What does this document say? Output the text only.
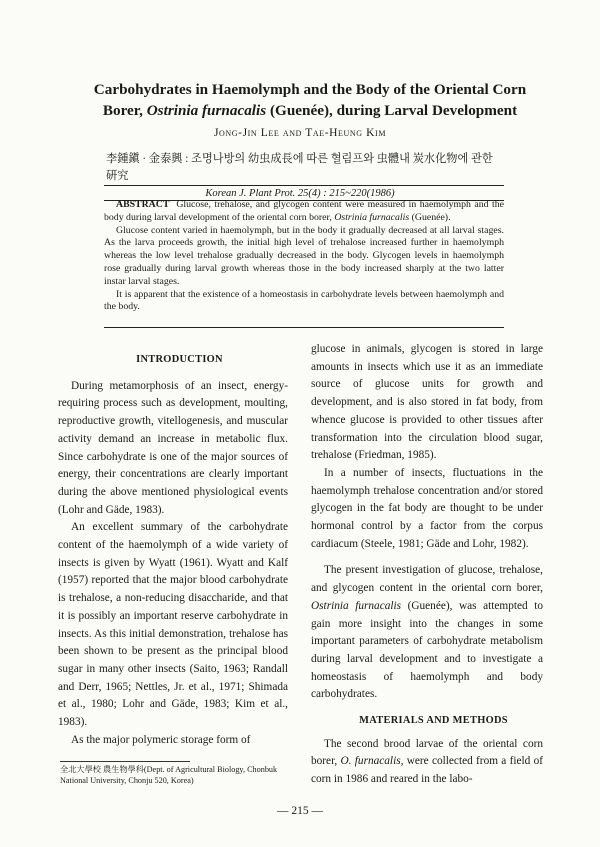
Carbohydrates in Haemolymph and the Body of the Oriental Corn
Borer, Ostrinia furnacalis (Guenée), during Larval Development
Jong-Jin Lee and Tae-Heung Kim
李鍾鎭 · 金泰興 : 조명나방의 幼虫成長에 따른 혈림프와 虫體내 炭水化物에 관한 硏究
Korean J. Plant Prot. 25(4) : 215~220(1986)

ABSTRACT Glucose, trehalose, and glycogen content were measured in haemolymph and the body during larval development of the oriental corn borer, Ostrinia furnacalis (Guenée).

Glucose content varied in haemolymph, but in the body it gradually decreased at all larval stages. As the larva proceeds growth, the initial high level of trehalose increased further in haemolymph whereas the low level trehalose gradually decreased in the body. Glycogen levels in haemolymph rose gradually during larval growth whereas those in the body increased sharply at the two latter instar larval stages.

It is apparent that the existence of a homeostasis in carbohydrate levels between haemolymph and the body.

INTRODUCTION

During metamorphosis of an insect, energy-requiring process such as development, moulting, reproductive growth, vitellogenesis, and muscular activity demand an increase in metabolic flux. Since carbohydrate is one of the major sources of energy, their concentrations are clearly important during the above mentioned physiological events (Lohr and Gäde, 1983).

An excellent summary of the carbohydrate content of the haemolymph of a wide variety of insects is given by Wyatt (1961). Wyatt and Kalf (1957) reported that the major blood carbohydrate is trehalose, a non-reducing disaccharide, and that it is possibly an important reserve carbohydrate in insects. As this initial demonstration, trehalose has been shown to be present as the principal blood sugar in many other insects (Saito, 1963; Randall and Derr, 1965; Nettles, Jr. et al., 1971; Shimada et al., 1980; Lohr and Gäde, 1983; Kim et al., 1983).

As the major polymeric storage form of

glucose in animals, glycogen is stored in large amounts in insects which use it as an immediate source of glucose units for growth and development, and is also stored in fat body, from whence glucose is provided to other tissues after transformation into the circulation blood sugar, trehalose (Friedman, 1985).

In a number of insects, fluctuations in the haemolymph trehalose concentration and/or stored glycogen in the fat body are thought to be under hormonal control by a factor from the corpus cardiacum (Steele, 1981; Gäde and Lohr, 1982).

The present investigation of glucose, trehalose, and glycogen content in the oriental corn borer, Ostrinia furnacalis (Guenée), was attempted to gain more insight into the changes in some important parameters of carbohydrate metabolism during larval development and to investigate a homeostasis of haemolymph and body carbohydrates.

MATERIALS AND METHODS

The second brood larvae of the oriental corn borer, O. furnacalis, were collected from a field of corn in 1986 and reared in the labo-

全北大學校 農生物學科(Dept. of Agricultural Biology, Chonbuk National University, Chonju 520, Korea)
— 215 —
